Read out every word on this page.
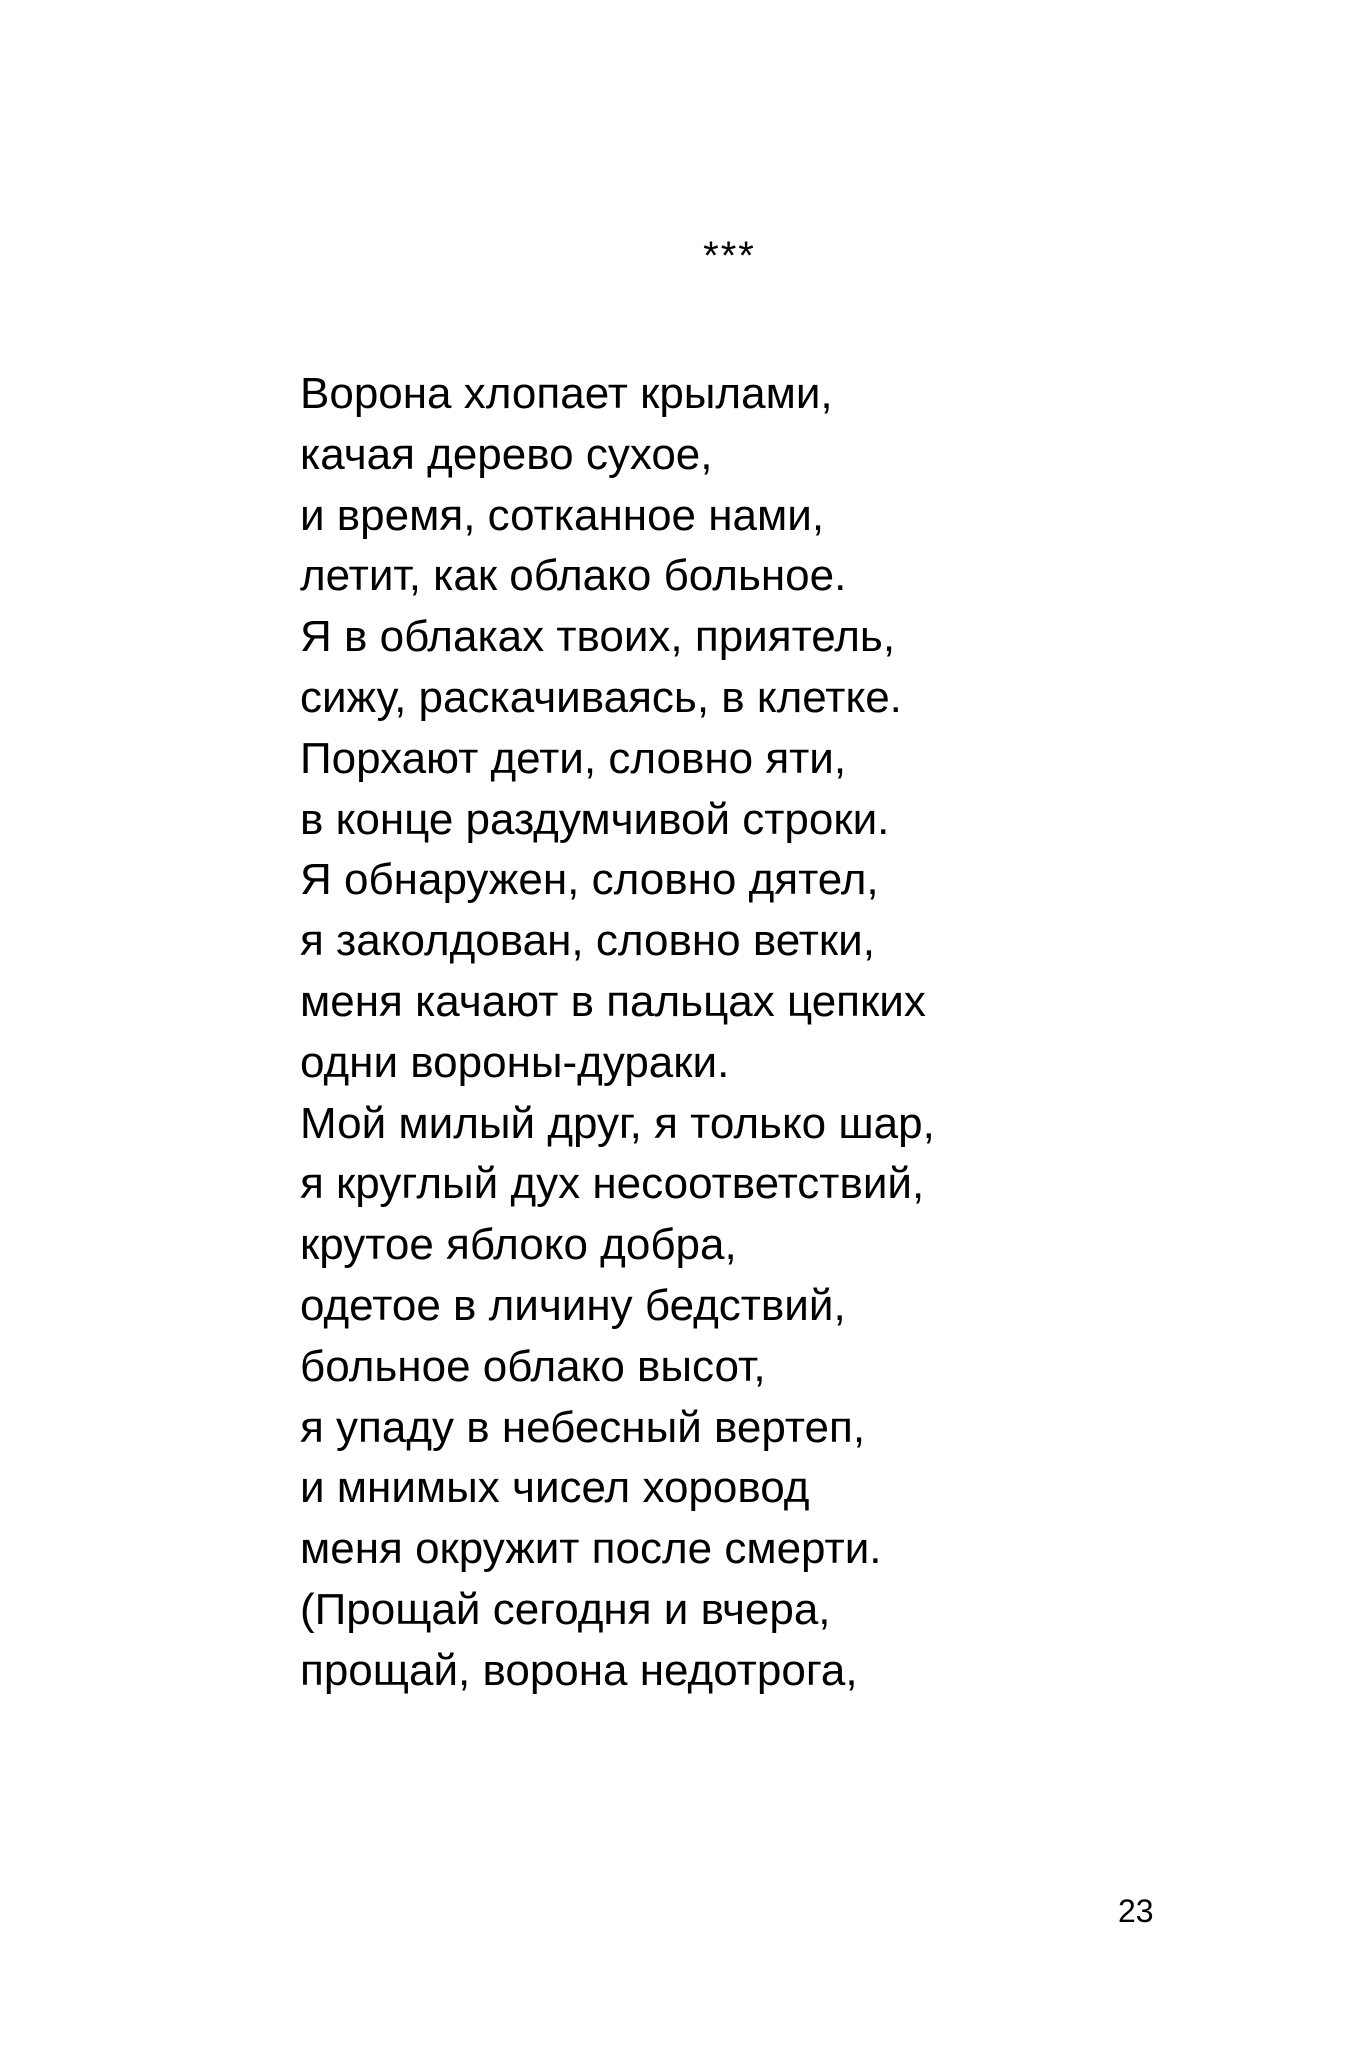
***
Ворона хлопает крылами,
качая дерево сухое,
и время, сотканное нами,
летит, как облако больное.
Я в облаках твоих, приятель,
сижу, раскачиваясь, в клетке.
Порхают дети, словно яти,
в конце раздумчивой строки.
Я обнаружен, словно дятел,
я заколдован, словно ветки,
меня качают в пальцах цепких
одни вороны-дураки.
Мой милый друг, я только шар,
я круглый дух несоответствий,
крутое яблоко добра,
одетое в личину бедствий,
больное облако высот,
я упаду в небесный вертеп,
и мнимых чисел хоровод
меня окружит после смерти.
(Прощай сегодня и вчера,
прощай, ворона недотрога,
23
